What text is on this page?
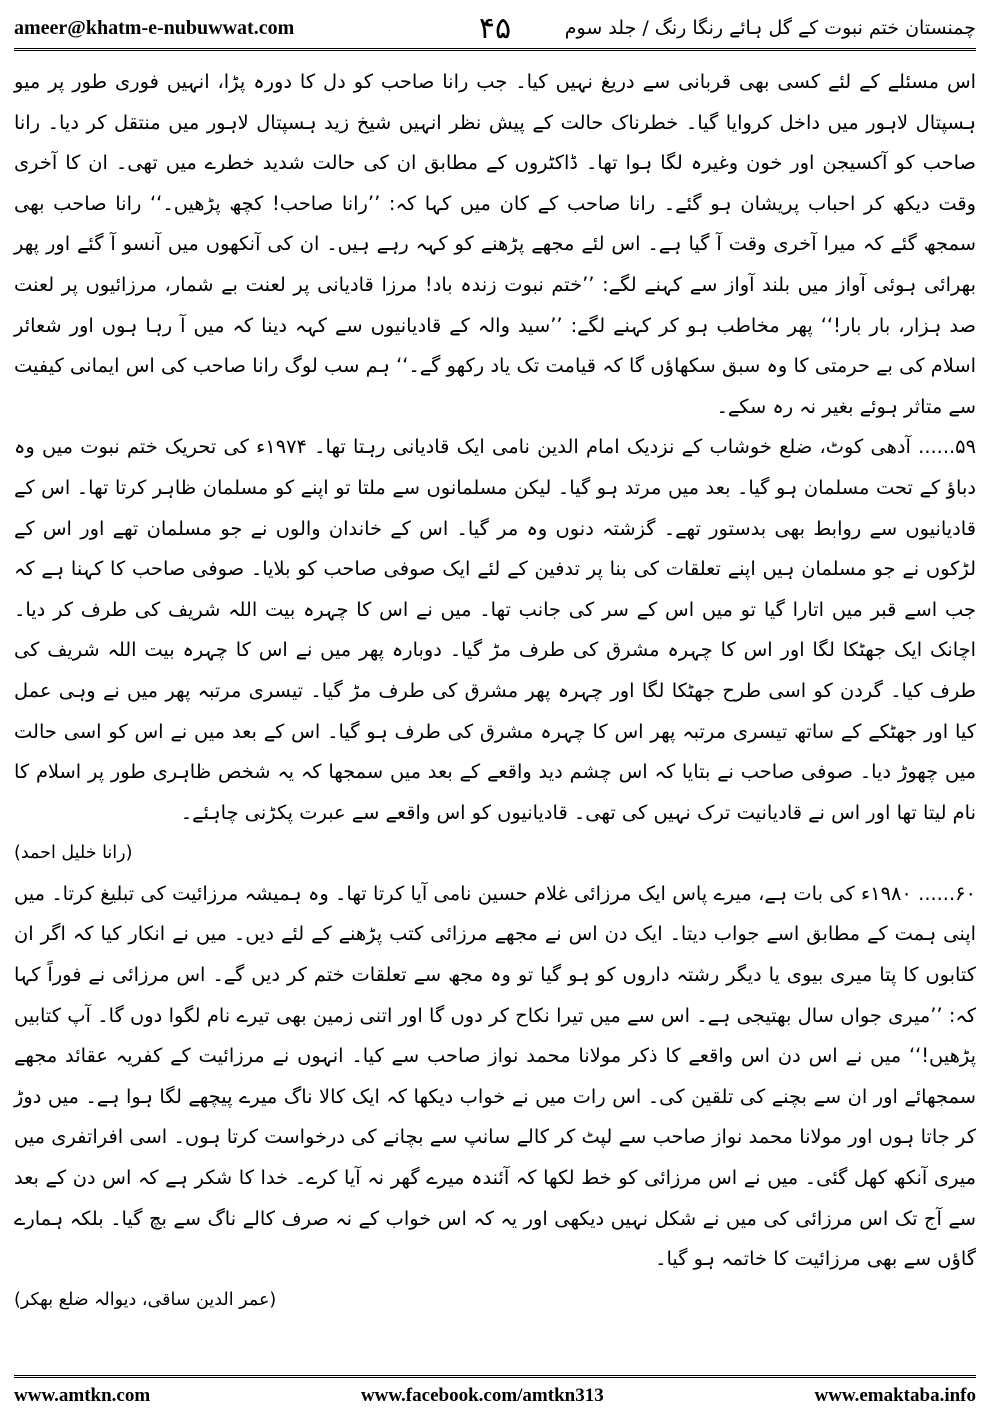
ameer@khatm-e-nubuwwat.com	۴۵	چمنستان ختم نبوت کے گل ہائے رنگا رنگ / جلد سوم

اس مسئلے کے لئے کسی بھی قربانی سے دریغ نہیں کیا۔ جب رانا صاحب کو دل کا دورہ پڑا، انہیں فوری طور پر میو ہسپتال لاہور میں داخل کروایا گیا۔ خطرناک حالت کے پیش نظر انہیں شیخ زید ہسپتال لاہور میں منتقل کر دیا۔ رانا صاحب کو آکسیجن اور خون وغیرہ لگا ہوا تھا۔ ڈاکٹروں کے مطابق ان کی حالت شدید خطرے میں تھی۔ ان کا آخری وقت دیکھ کر احباب پریشان ہو گئے۔ رانا صاحب کے کان میں کہا کہ: ’’رانا صاحب! کچھ پڑھیں۔‘‘ رانا صاحب بھی سمجھ گئے کہ میرا آخری وقت آ گیا ہے۔ اس لئے مجھے پڑھنے کو کہہ رہے ہیں۔ ان کی آنکھوں میں آنسو آ گئے اور پھر بھرائی ہوئی آواز میں بلند آواز سے کہنے لگے: ’’ختم نبوت زندہ باد! مرزا قادیانی پر لعنت بے شمار، مرزائیوں پر لعنت صد ہزار، بار بار!‘‘ پھر مخاطب ہو کر کہنے لگے: ’’سید والہ کے قادیانیوں سے کہہ دینا کہ میں آ رہا ہوں اور شعائر اسلام کی بے حرمتی کا وہ سبق سکھاؤں گا کہ قیامت تک یاد رکھو گے۔‘‘ ہم سب لوگ رانا صاحب کی اس ایمانی کیفیت سے متاثر ہوئے بغیر نہ رہ سکے۔

۵۹...... آدھی کوٹ، ضلع خوشاب کے نزدیک امام الدین نامی ایک قادیانی رہتا تھا۔ ۱۹۷۴ء کی تحریک ختم نبوت میں وہ دباؤ کے تحت مسلمان ہو گیا۔ بعد میں مرتد ہو گیا۔ لیکن مسلمانوں سے ملتا تو اپنے کو مسلمان ظاہر کرتا تھا۔ اس کے قادیانیوں سے روابط بھی بدستور تھے۔ گزشتہ دنوں وہ مر گیا۔ اس کے خاندان والوں نے جو مسلمان تھے اور اس کے لڑکوں نے جو مسلمان ہیں اپنے تعلقات کی بنا پر تدفین کے لئے ایک صوفی صاحب کو بلایا۔ صوفی صاحب کا کہنا ہے کہ جب اسے قبر میں اتارا گیا تو میں اس کے سر کی جانب تھا۔ میں نے اس کا چہرہ بیت اللہ شریف کی طرف کر دیا۔ اچانک ایک جھٹکا لگا اور اس کا چہرہ مشرق کی طرف مڑ گیا۔ دوبارہ پھر میں نے اس کا چہرہ بیت اللہ شریف کی طرف کیا۔ گردن کو اسی طرح جھٹکا لگا اور چہرہ پھر مشرق کی طرف مڑ گیا۔ تیسری مرتبہ پھر میں نے وہی عمل کیا اور جھٹکے کے ساتھ تیسری مرتبہ پھر اس کا چہرہ مشرق کی طرف ہو گیا۔ اس کے بعد میں نے اس کو اسی حالت میں چھوڑ دیا۔ صوفی صاحب نے بتایا کہ اس چشم دید واقعے کے بعد میں سمجھا کہ یہ شخص ظاہری طور پر اسلام کا نام لیتا تھا اور اس نے قادیانیت ترک نہیں کی تھی۔ قادیانیوں کو اس واقعے سے عبرت پکڑنی چاہئے۔

(رانا خلیل احمد)

۶۰...... ۱۹۸۰ء کی بات ہے، میرے پاس ایک مرزائی غلام حسین نامی آیا کرتا تھا۔ وہ ہمیشہ مرزائیت کی تبلیغ کرتا۔ میں اپنی ہمت کے مطابق اسے جواب دیتا۔ ایک دن اس نے مجھے مرزائی کتب پڑھنے کے لئے دیں۔ میں نے انکار کیا کہ اگر ان کتابوں کا پتا میری بیوی یا دیگر رشتہ داروں کو ہو گیا تو وہ مجھ سے تعلقات ختم کر دیں گے۔ اس مرزائی نے فوراً کہا کہ: ’’میری جواں سال بھتیجی ہے۔ اس سے میں تیرا نکاح کر دوں گا اور اتنی زمین بھی تیرے نام لگوا دوں گا۔ آپ کتابیں پڑھیں!‘‘ میں نے اس دن اس واقعے کا ذکر مولانا محمد نواز صاحب سے کیا۔ انہوں نے مرزائیت کے کفریہ عقائد مجھے سمجھائے اور ان سے بچنے کی تلقین کی۔ اس رات میں نے خواب دیکھا کہ ایک کالا ناگ میرے پیچھے لگا ہوا ہے۔ میں دوڑ کر جاتا ہوں اور مولانا محمد نواز صاحب سے لپٹ کر کالے سانپ سے بچانے کی درخواست کرتا ہوں۔ اسی افراتفری میں میری آنکھ کھل گئی۔ میں نے اس مرزائی کو خط لکھا کہ آئندہ میرے گھر نہ آیا کرے۔ خدا کا شکر ہے کہ اس دن کے بعد سے آج تک اس مرزائی کی میں نے شکل نہیں دیکھی اور یہ کہ اس خواب کے نہ صرف کالے ناگ سے بچ گیا۔ بلکہ ہمارے گاؤں سے بھی مرزائیت کا خاتمہ ہو گیا۔

(عمر الدین ساقی، دیوالہ ضلع بھکر)
www.amtkn.com	www.facebook.com/amtkn313	www.emaktaba.info
